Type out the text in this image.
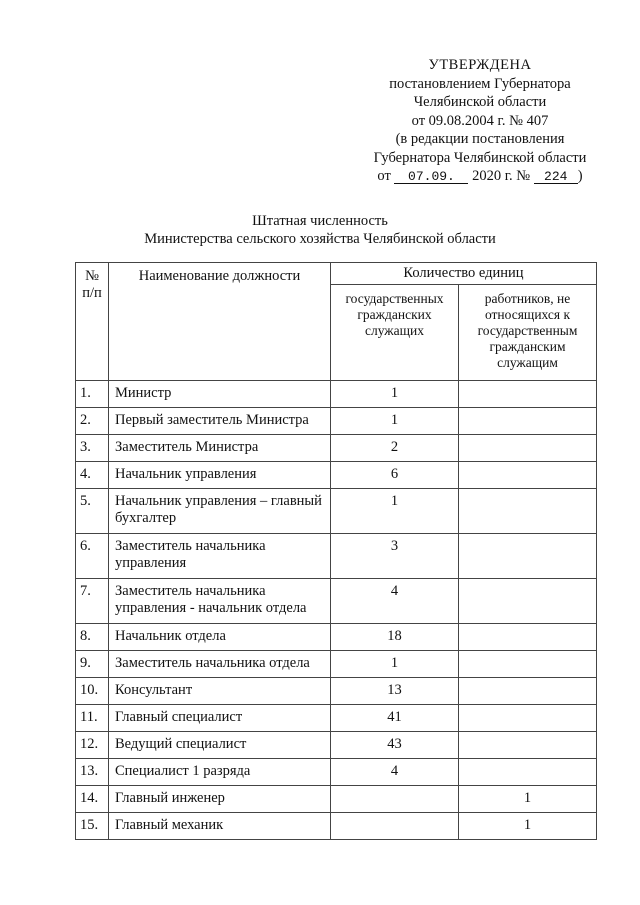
УТВЕРЖДЕНА
постановлением Губернатора
Челябинской области
от 09.08.2004 г. № 407
(в редакции постановления
Губернатора Челябинской области
от 07.09. 2020 г. № 224 )
Штатная численность
Министерства сельского хозяйства Челябинской области
№
п/п	Наименование должности	Количество единиц	
		государственных гражданских служащих	работников, не относящихся к государственным гражданским служащим
1.	Министр	1	
2.	Первый заместитель Министра	1	
3.	Заместитель Министра	2	
4.	Начальник управления	6	
5.	Начальник управления – главный бухгалтер	1	
6.	Заместитель начальника управления	3	
7.	Заместитель начальника управления - начальник отдела	4	
8.	Начальник отдела	18	
9.	Заместитель начальника отдела	1	
10.	Консультант	13	
11.	Главный специалист	41	
12.	Ведущий специалист	43	
13.	Специалист 1 разряда	4	
14.	Главный инженер		1
15.	Главный механик		1
